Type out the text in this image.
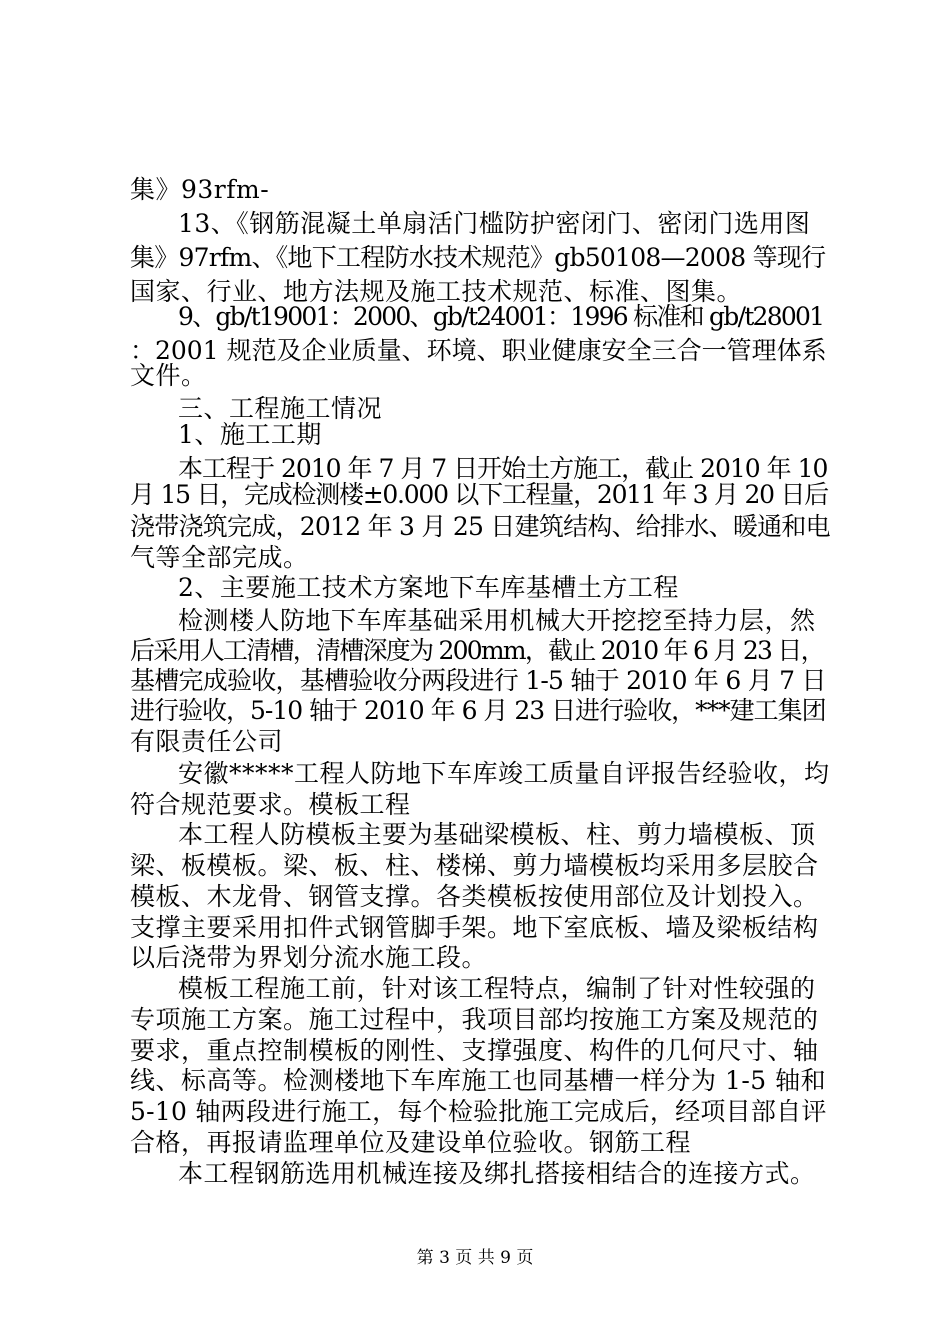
集》93rfm-
13、《钢筋混凝土单扇活门槛防护密闭门、密闭门选用图
集》97rfm、《地下工程防水技术规范》gb50108—2008 等现行
国家、行业、地方法规及施工技术规范、标准、图集。
9、gb/t19001：2000、gb/t24001：1996 标准和 gb/t28001
：2001 规范及企业质量、环境、职业健康安全三合一管理体系
文件。
三、工程施工情况
1、施工工期
本工程于 2010 年 7 月 7 日开始土方施工，截止 2010 年 10
月 15 日，完成检测楼±0.000 以下工程量，2011 年 3 月 20 日后
浇带浇筑完成，2012 年 3 月 25 日建筑结构、给排水、暖通和电
气等全部完成。
2、主要施工技术方案地下车库基槽土方工程
检测楼人防地下车库基础采用机械大开挖挖至持力层，然
后采用人工清槽，清槽深度为 200mm，截止 2010 年 6 月 23 日，
基槽完成验收，基槽验收分两段进行 1-5 轴于 2010 年 6 月 7 日
进行验收，5-10 轴于 2010 年 6 月 23 日进行验收，***建工集团
有限责任公司
安徽*****工程人防地下车库竣工质量自评报告经验收，均
符合规范要求。模板工程
本工程人防模板主要为基础梁模板、柱、剪力墙模板、顶
梁、板模板。梁、板、柱、楼梯、剪力墙模板均采用多层胶合
模板、木龙骨、钢管支撑。各类模板按使用部位及计划投入。
支撑主要采用扣件式钢管脚手架。地下室底板、墙及梁板结构
以后浇带为界划分流水施工段。
模板工程施工前，针对该工程特点，编制了针对性较强的
专项施工方案。施工过程中，我项目部均按施工方案及规范的
要求，重点控制模板的刚性、支撑强度、构件的几何尺寸、轴
线、标高等。检测楼地下车库施工也同基槽一样分为 1-5 轴和
5-10 轴两段进行施工，每个检验批施工完成后，经项目部自评
合格，再报请监理单位及建设单位验收。钢筋工程
本工程钢筋选用机械连接及绑扎搭接相结合的连接方式。
第 3 页 共 9 页
